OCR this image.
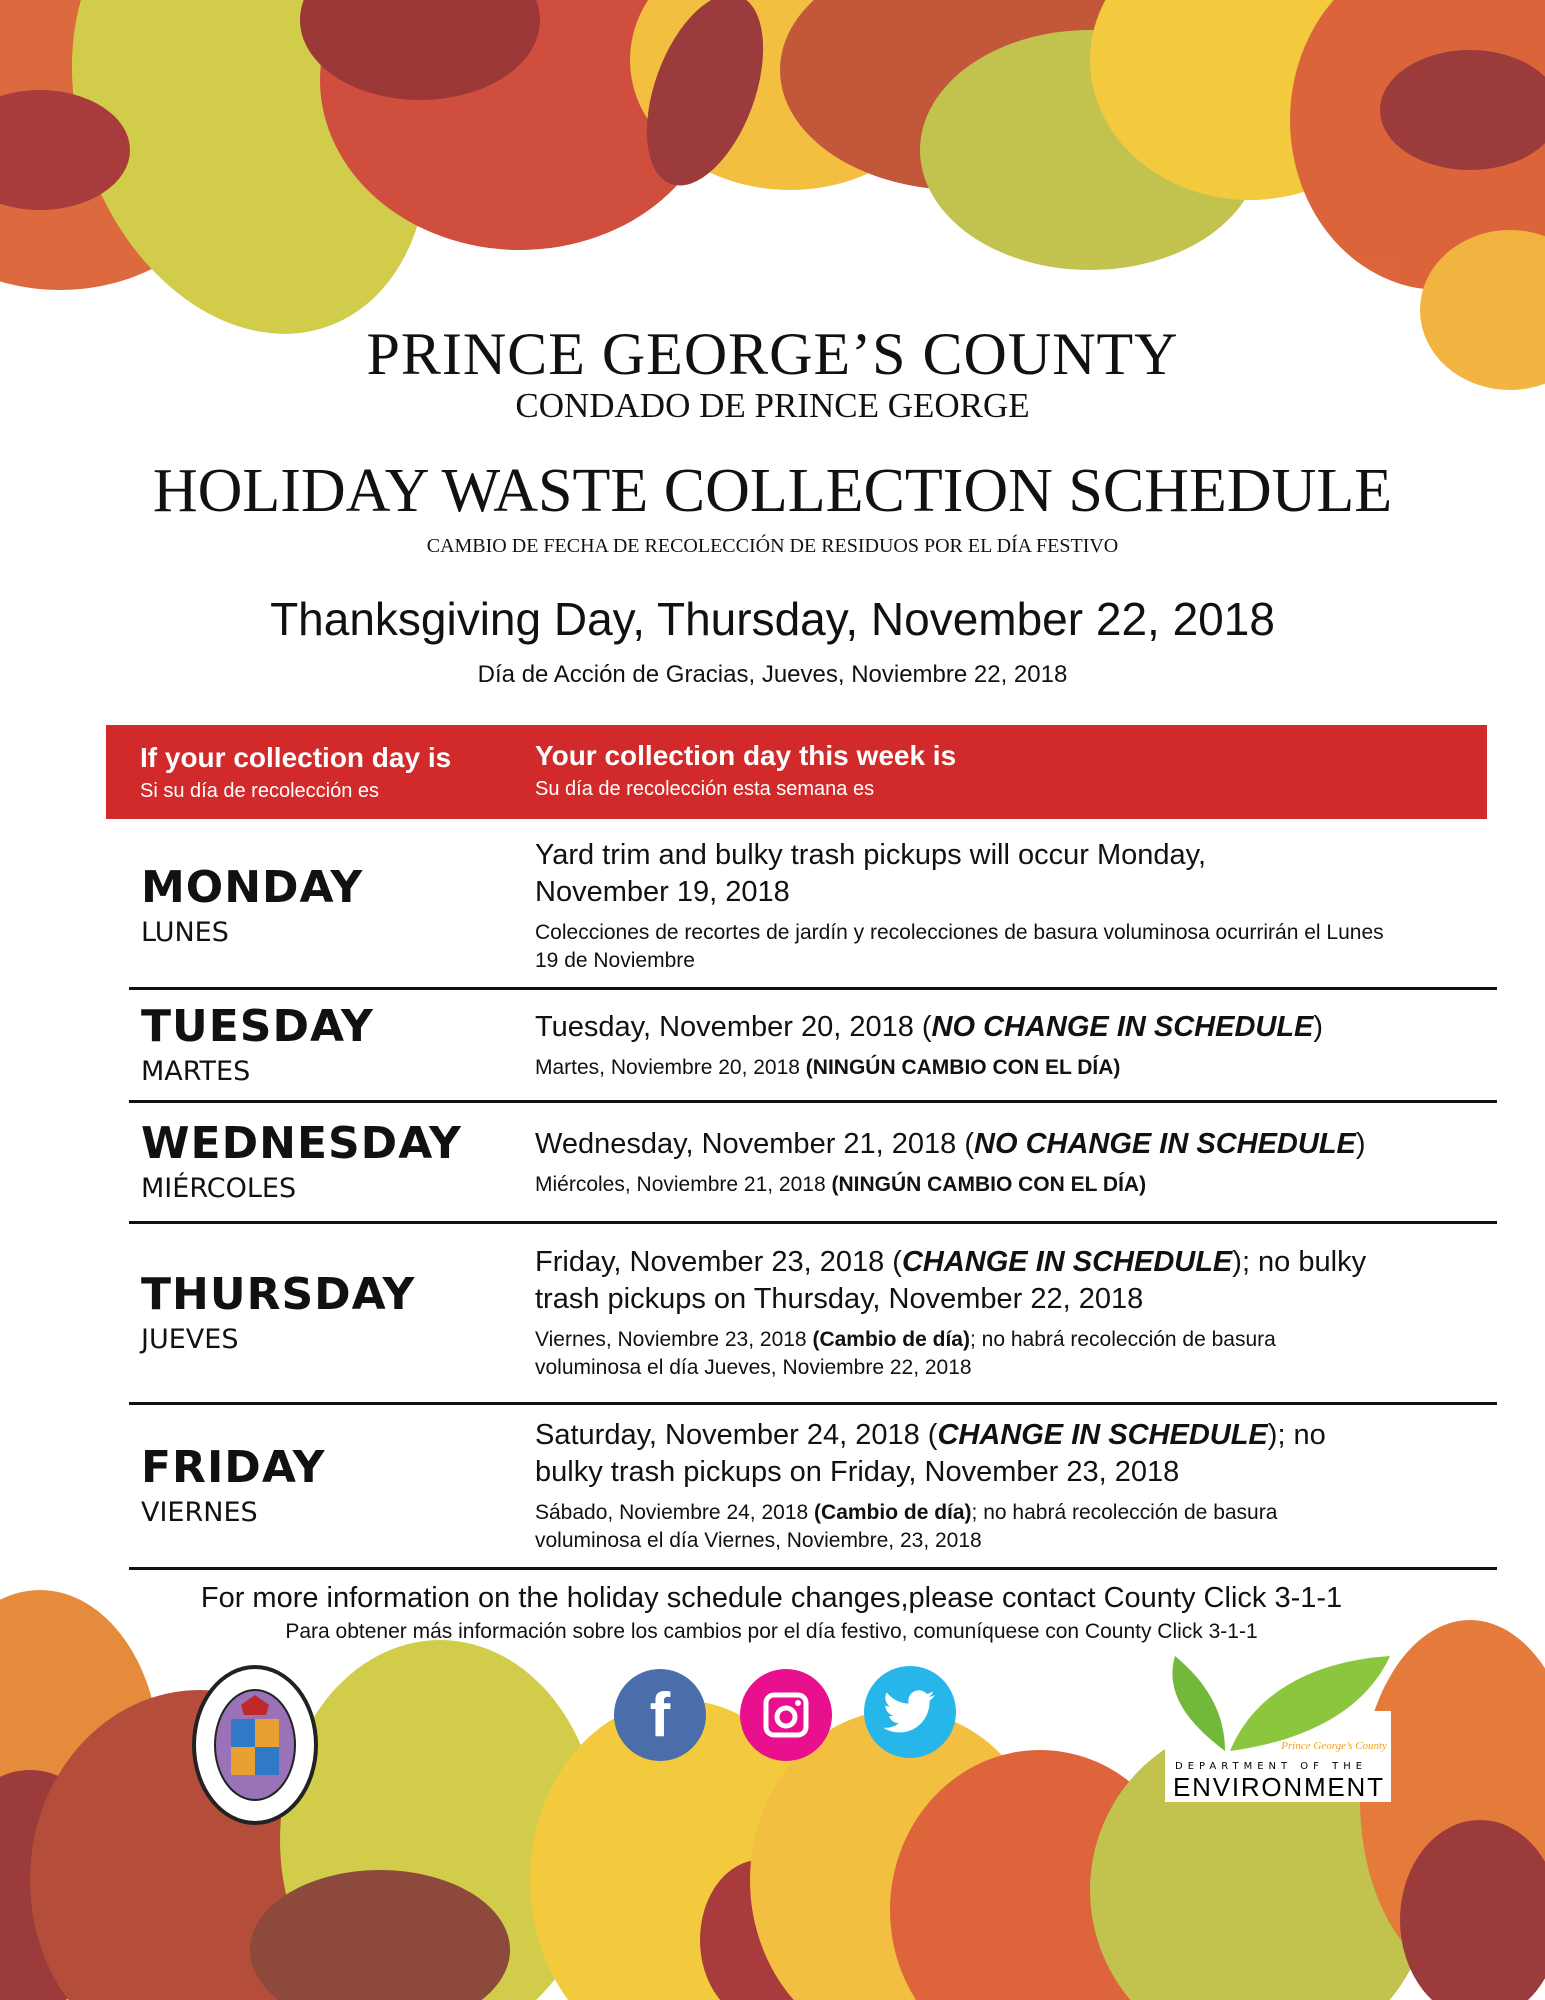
PRINCE GEORGE’S COUNTY
CONDADO DE PRINCE GEORGE
HOLIDAY WASTE COLLECTION SCHEDULE
CAMBIO DE FECHA DE RECOLECCIÓN DE RESIDUOS POR EL DÍA FESTIVO
Thanksgiving Day, Thursday, November 22, 2018
Día de Acción de Gracias, Jueves, Noviembre 22, 2018
If your collection day is
Si su día de recolección es
Your collection day this week is
Su día de recolección esta semana es
MONDAY
LUNES
Yard trim and bulky trash pickups will occur Monday, November 19, 2018
Colecciones de recortes de jardín y recolecciones de basura voluminosa ocurrirán el Lunes 19 de Noviembre
TUESDAY
MARTES
Tuesday, November 20, 2018 (NO CHANGE IN SCHEDULE)
Martes, Noviembre 20, 2018 (NINGÚN CAMBIO CON EL DÍA)
WEDNESDAY
MIÉRCOLES
Wednesday, November 21, 2018 (NO CHANGE IN SCHEDULE)
Miércoles, Noviembre 21, 2018 (NINGÚN CAMBIO CON EL DÍA)
THURSDAY
JUEVES
Friday, November 23, 2018 (CHANGE IN SCHEDULE); no bulky trash pickups on Thursday, November 22, 2018
Viernes, Noviembre 23, 2018 (Cambio de día); no habrá recolección de basura voluminosa el día Jueves, Noviembre 22, 2018
FRIDAY
VIERNES
Saturday, November 24, 2018 (CHANGE IN SCHEDULE); no bulky trash pickups on Friday, November 23, 2018
Sábado, Noviembre 24, 2018 (Cambio de día); no habrá recolección de basura voluminosa el día Viernes, Noviembre, 23, 2018
For more information on the holiday schedule changes,please contact County Click 3-1-1
Para obtener más información sobre los cambios por el día festivo, comuníquese con County Click 3-1-1
f	Prince George’s County
DEPARTMENT OF THE
ENVIRONMENT
